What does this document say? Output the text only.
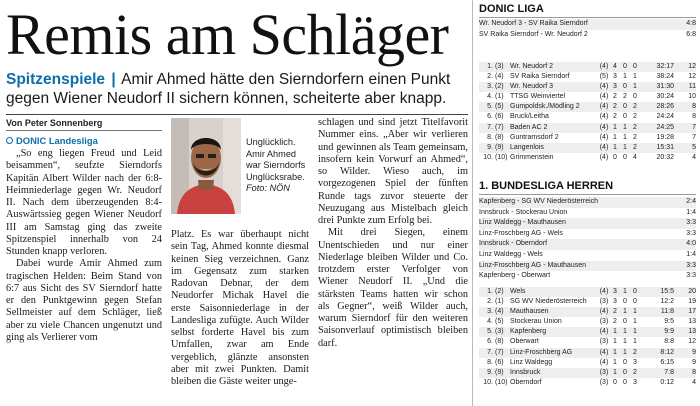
Remis am Schläger
Spitzenspiele | Amir Ahmed hätte den Sierndorfern einen Punkt gegen Wiener Neudorf II sichern können, scheiterte aber knapp.
Von Peter Sonnenberg
DONIC Landesliga

„So eng liegen Freud und Leid beisammen“, seufzte Sierndorfs Kapitän Albert Wilder nach der 6:8-Heimniederlage gegen Wr. Neudorf II. Nach dem überzeugenden 8:4-Auswärtssieg gegen Wiener Neudorf III am Samstag ging das zweite Spitzenspiel innerhalb von 24 Stunden knapp verloren.

Dabei wurde Amir Ahmed zum tragischen Helden: Beim Stand von 6:7 aus Sicht des SV Sierndorf hatte er den Punktgewinn gegen Stefan Sellmeister auf dem Schläger, ließ aber zu viele Chancen ungenutzt und ging als Verlierer vom

Unglücklich.
Amir Ahmed
war Sierndorfs
Unglücksrabe.
Foto: NÖN

Platz. Es war überhaupt nicht sein Tag, Ahmed konnte diesmal keinen Sieg verzeichnen. Ganz im Gegensatz zum starken Radovan Debnar, der dem Neudorfer Michak Havel die erste Saisonniederlage in der Landesliga zufügte. Auch Wilder selbst forderte Havel bis zum Umfallen, zwar am Ende vergeblich, glänzte ansonsten aber mit zwei Punkten. Damit bleiben die Gäste weiter unge-

schlagen und sind jetzt Titelfavorit Nummer eins. „Aber wir verlieren und gewinnen als Team gemeinsam, insofern kein Vorwurf an Ahmed“, so Wilder. Wieso auch, im vorgezogenen Spiel der fünften Runde tags zuvor steuerte der Neuzugang aus Mistelbach gleich drei Punkte zum Erfolg bei.

Mit drei Siegen, einem Unentschieden und nur einer Niederlage bleiben Wilder und Co. trotzdem erster Verfolger von Wiener Neudorf II. „Und die stärksten Teams hatten wir schon als Gegner“, weiß Wilder auch, warum Sierndorf für den weiteren Saisonverlauf optimistisch bleiben darf.

DONIC LIGA
Wr. Neudorf 3 - SV Raika Sierndorf	4:8
SV Raika Sierndorf - Wr. Neudorf 2	6:8
1. (3) Wr. Neudorf 2	(4) 4 0 0	32:17	12
2. (4) SV Raika Sierndorf	(5) 3 1 1	38:24	12
3. (2) Wr. Neudorf 3	(4) 3 0 1	31:30	11
4. (1) TTSG Weinviertel	(4) 2 2 0	30:24	10
5. (5) Gumpoldsk./Mödling 2	(4) 2 0 2	28:26	8
6. (6) Bruck/Leitha	(4) 2 0 2	24:24	8
7. (7) Baden AC 2	(4) 1 1 2	24:25	7
8. (8) Guntramsdorf 2	(4) 1 1 2	19:28	7
9. (9) Langenlois	(4) 1 1 2	15:31	5
10. (10) Grimmenstein	(4) 0 0 4	20:32	4
1. BUNDESLIGA HERREN
Kapfenberg - SG WV Niederösterreich	2:4
Innsbruck - Stockerau Union	1:4
Linz Waldegg - Mauthausen	3:3
Linz-Froschberg AG - Wels	3:3
Innsbruck - Oberndorf	4:0
Linz Waldegg - Wels	1:4
Linz-Froschberg AG - Mauthausen	3:3
Kapfenberg - Oberwart	3:3
1. (2) Wels	(4) 3 1 0	15:5	20
2. (1) SG WV Niederösterreich	(3) 3 0 0	12:2	19
3. (4) Mauthausen	(4) 2 1 1	11:8	17
4. (5) Stockerau Union	(3) 2 0 1	9:5	13
5. (3) Kapfenberg	(4) 1 1 1	9:9	13
6. (8) Oberwart	(3) 1 1 1	8:8	12
7. (7) Linz-Froschberg AG	(4) 1 1 2	8:12	9
8. (6) Linz Waldegg	(4) 1 0 3	6:15	9
9. (9) Innsbruck	(3) 1 0 2	7:8	8
10. (10) Oberndorf	(3) 0 0 3	0:12	4
